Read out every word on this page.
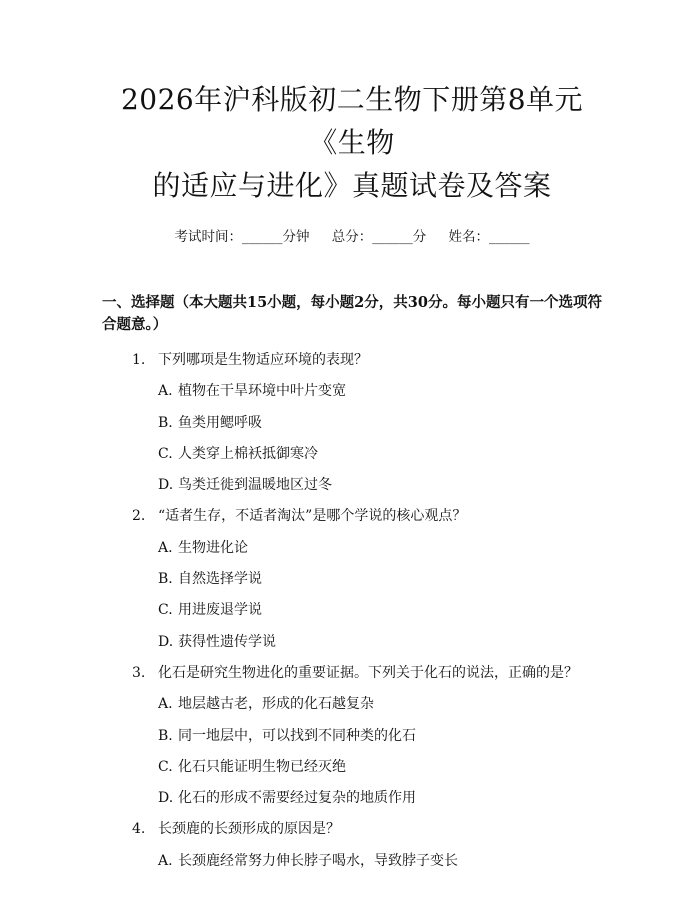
2026年沪科版初二生物下册第8单元《生物
的适应与进化》真题试卷及答案
考试时间：______分钟 总分：______分 姓名：______
一、选择题（本大题共15小题，每小题2分，共30分。每小题只有一个选项符合题意。）
1. 下列哪项是生物适应环境的表现？
A. 植物在干旱环境中叶片变宽
B. 鱼类用鳃呼吸
C. 人类穿上棉袄抵御寒冷
D. 鸟类迁徙到温暖地区过冬
2. “适者生存，不适者淘汰”是哪个学说的核心观点？
A. 生物进化论
B. 自然选择学说
C. 用进废退学说
D. 获得性遗传学说
3. 化石是研究生物进化的重要证据。下列关于化石的说法，正确的是？
A. 地层越古老，形成的化石越复杂
B. 同一地层中，可以找到不同种类的化石
C. 化石只能证明生物已经灭绝
D. 化石的形成不需要经过复杂的地质作用
4. 长颈鹿的长颈形成的原因是？
A. 长颈鹿经常努力伸长脖子喝水，导致脖子变长
